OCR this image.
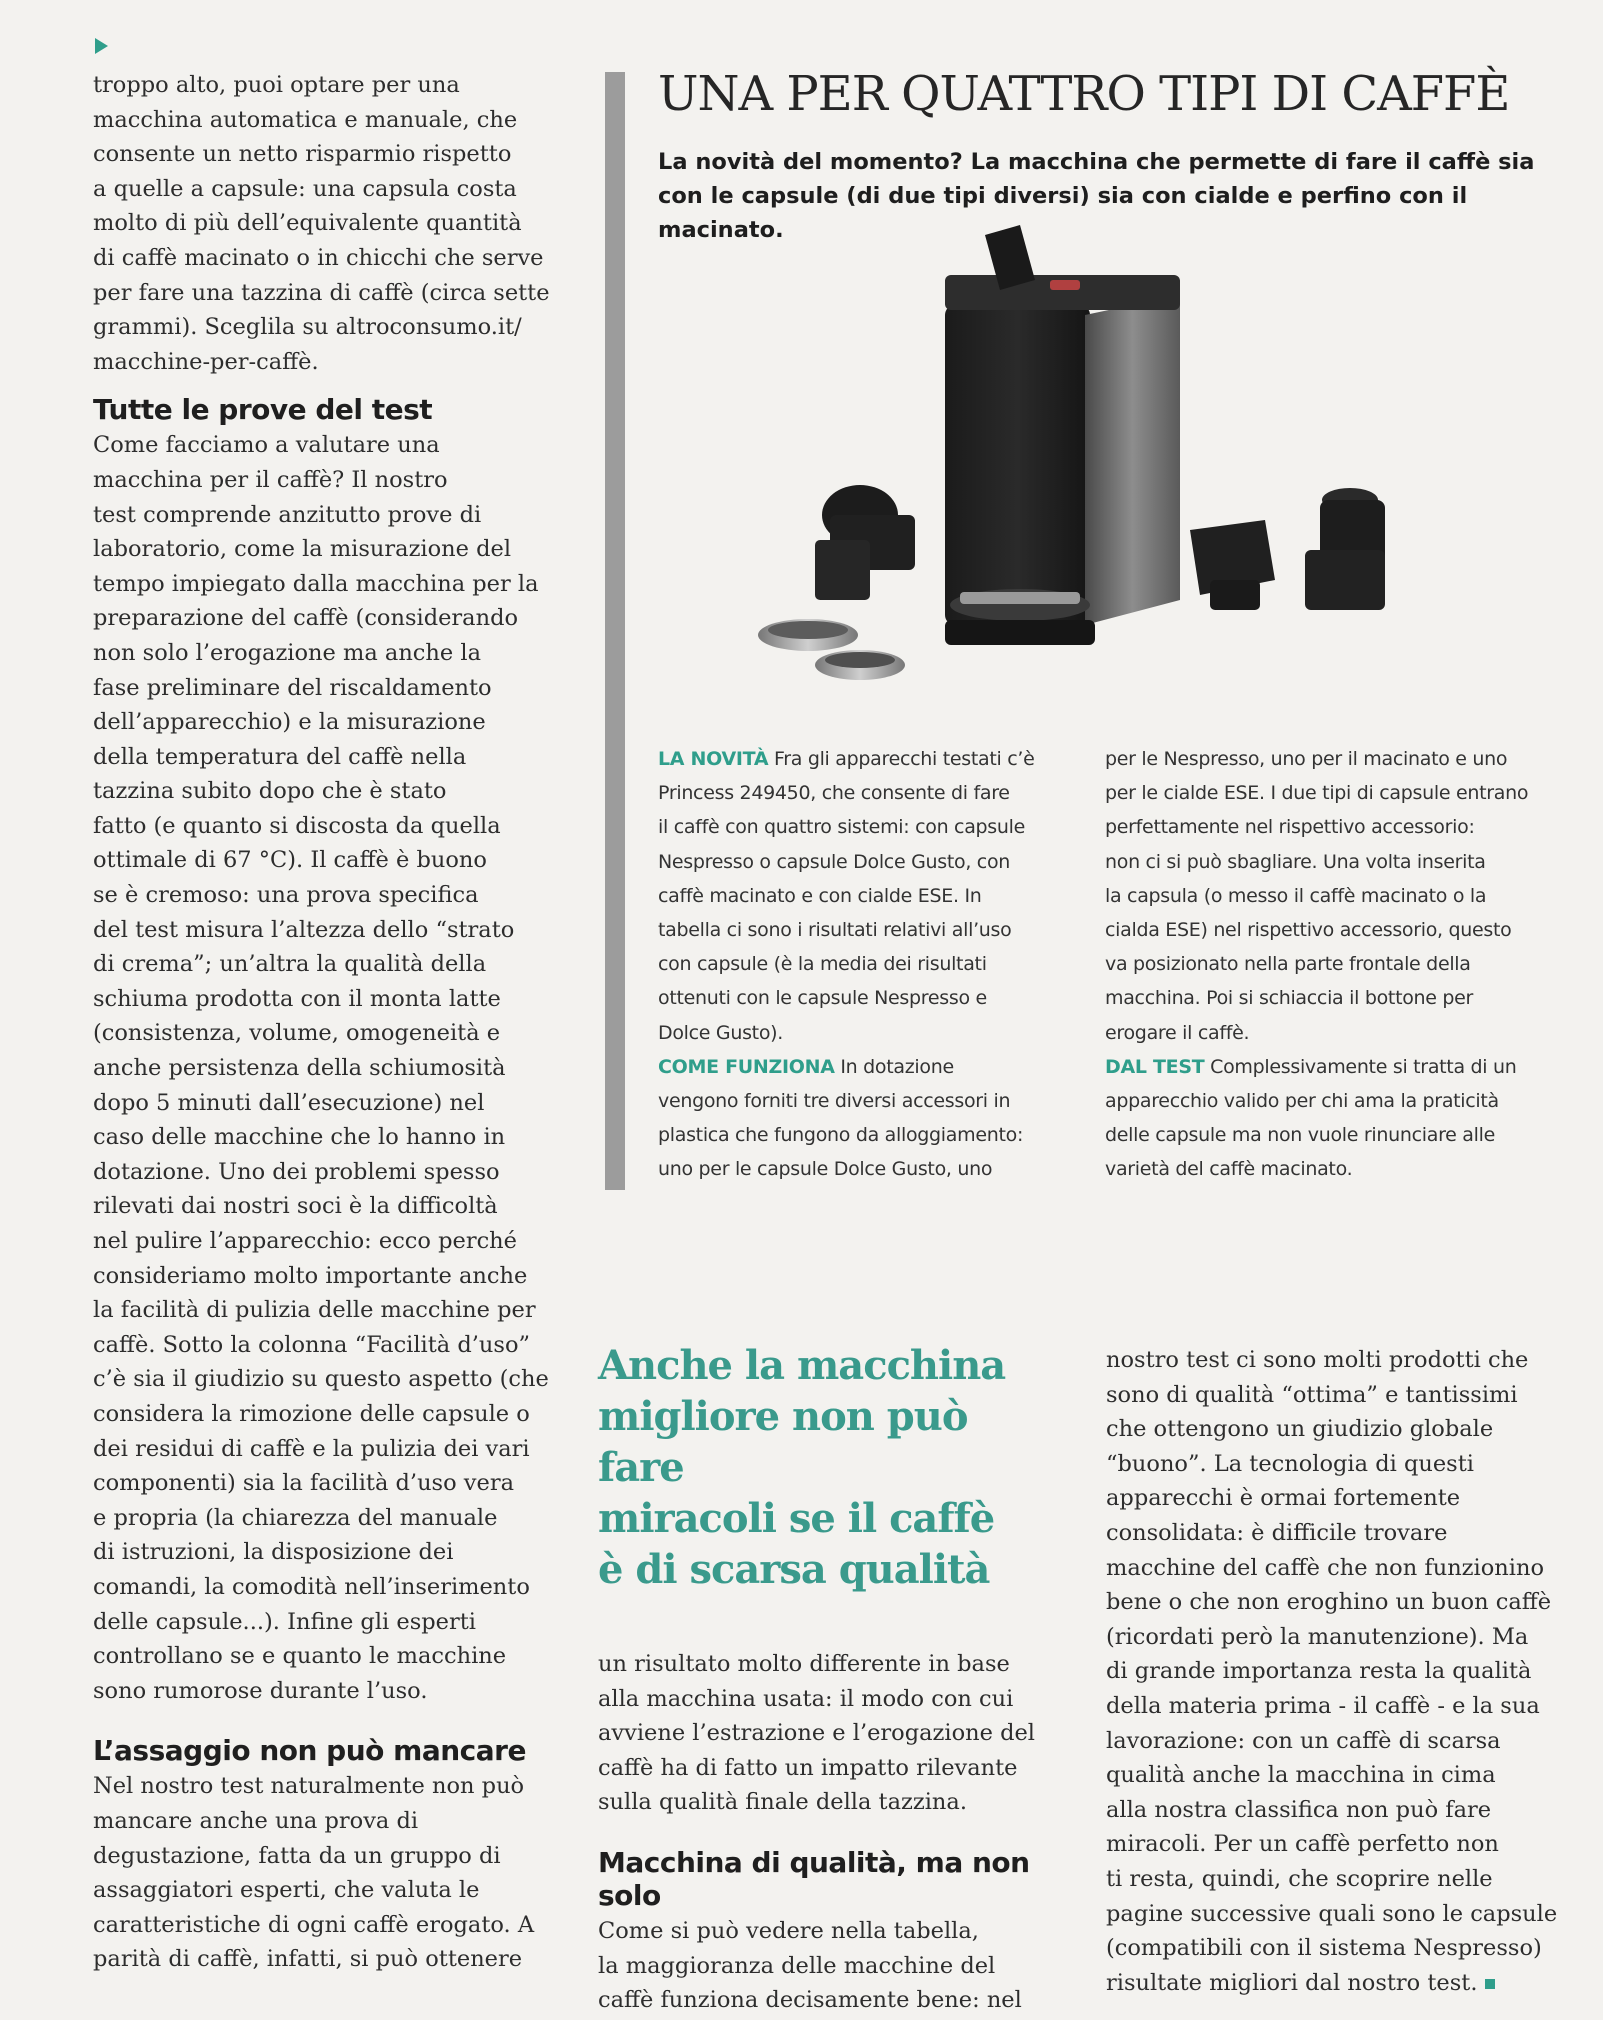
troppo alto, puoi optare per una
macchina automatica e manuale, che
consente un netto risparmio rispetto
a quelle a capsule: una capsula costa
molto di più dell’equivalente quantità
di caffè macinato o in chicchi che serve
per fare una tazzina di caffè (circa sette
grammi). Sceglila su altroconsumo.it/
macchine-per-caffè.

Tutte le prove del test

Come facciamo a valutare una
macchina per il caffè? Il nostro
test comprende anzitutto prove di
laboratorio, come la misurazione del
tempo impiegato dalla macchina per la
preparazione del caffè (considerando
non solo l’erogazione ma anche la
fase preliminare del riscaldamento
dell’apparecchio) e la misurazione
della temperatura del caffè nella
tazzina subito dopo che è stato
fatto (e quanto si discosta da quella
ottimale di 67 °C). Il caffè è buono
se è cremoso: una prova specifica
del test misura l’altezza dello “strato
di crema”; un’altra la qualità della
schiuma prodotta con il monta latte
(consistenza, volume, omogeneità e
anche persistenza della schiumosità
dopo 5 minuti dall’esecuzione) nel
caso delle macchine che lo hanno in
dotazione. Uno dei problemi spesso
rilevati dai nostri soci è la difficoltà
nel pulire l’apparecchio: ecco perché
consideriamo molto importante anche
la facilità di pulizia delle macchine per
caffè. Sotto la colonna “Facilità d’uso”
c’è sia il giudizio su questo aspetto (che
considera la rimozione delle capsule o
dei residui di caffè e la pulizia dei vari
componenti) sia la facilità d’uso vera
e propria (la chiarezza del manuale
di istruzioni, la disposizione dei
comandi, la comodità nell’inserimento
delle capsule...). Infine gli esperti
controllano se e quanto le macchine
sono rumorose durante l’uso.

L’assaggio non può mancare

Nel nostro test naturalmente non può
mancare anche una prova di
degustazione, fatta da un gruppo di
assaggiatori esperti, che valuta le
caratteristiche di ogni caffè erogato. A
parità di caffè, infatti, si può ottenere

UNA PER QUATTRO TIPI DI CAFFÈ
La novità del momento? La macchina che permette di fare il caffè sia
con le capsule (di due tipi diversi) sia con cialde e perfino con il macinato.
LA NOVITÀ Fra gli apparecchi testati c’è
Princess 249450, che consente di fare
il caffè con quattro sistemi: con capsule
Nespresso o capsule Dolce Gusto, con
caffè macinato e con cialde ESE. In
tabella ci sono i risultati relativi all’uso
con capsule (è la media dei risultati
ottenuti con le capsule Nespresso e
Dolce Gusto).
COME FUNZIONA In dotazione
vengono forniti tre diversi accessori in
plastica che fungono da alloggiamento:
uno per le capsule Dolce Gusto, uno
per le Nespresso, uno per il macinato e uno
per le cialde ESE. I due tipi di capsule entrano
perfettamente nel rispettivo accessorio:
non ci si può sbagliare. Una volta inserita
la capsula (o messo il caffè macinato o la
cialda ESE) nel rispettivo accessorio, questo
va posizionato nella parte frontale della
macchina. Poi si schiaccia il bottone per
erogare il caffè.
DAL TEST Complessivamente si tratta di un
apparecchio valido per chi ama la praticità
delle capsule ma non vuole rinunciare alle
varietà del caffè macinato.
Anche la macchina
migliore non può fare
miracoli se il caffè
è di scarsa qualità

un risultato molto differente in base
alla macchina usata: il modo con cui
avviene l’estrazione e l’erogazione del
caffè ha di fatto un impatto rilevante
sulla qualità finale della tazzina.

Macchina di qualità, ma non solo

Come si può vedere nella tabella,
la maggioranza delle macchine del
caffè funziona decisamente bene: nel

nostro test ci sono molti prodotti che
sono di qualità “ottima” e tantissimi
che ottengono un giudizio globale
“buono”. La tecnologia di questi
apparecchi è ormai fortemente
consolidata: è difficile trovare
macchine del caffè che non funzionino
bene o che non eroghino un buon caffè
(ricordati però la manutenzione). Ma
di grande importanza resta la qualità
della materia prima - il caffè - e la sua
lavorazione: con un caffè di scarsa
qualità anche la macchina in cima
alla nostra classifica non può fare
miracoli. Per un caffè perfetto non
ti resta, quindi, che scoprire nelle
pagine successive quali sono le capsule
(compatibili con il sistema Nespresso)
risultate migliori dal nostro test.
